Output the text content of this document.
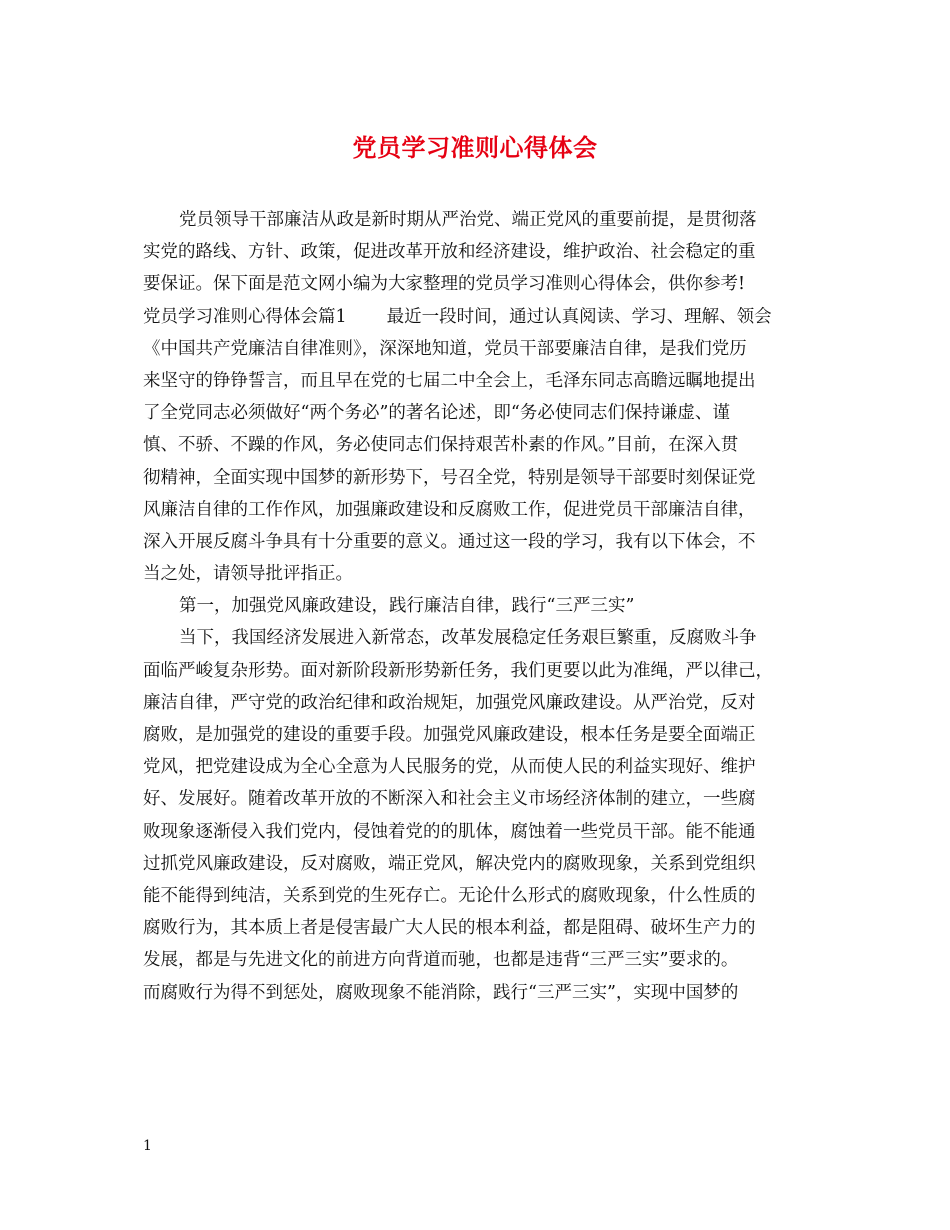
党员学习准则心得体会
党员领导干部廉洁从政是新时期从严治党、端正党风的重要前提，是贯彻落
实党的路线、方针、政策，促进改革开放和经济建设，维护政治、社会稳定的重
要保证。保下面是范文网小编为大家整理的党员学习准则心得体会，供你参考!
党员学习准则心得体会篇1 最近一段时间，通过认真阅读、学习、理解、领会
《中国共产党廉洁自律准则》，深深地知道，党员干部要廉洁自律，是我们党历
来坚守的铮铮誓言，而且早在党的七届二中全会上，毛泽东同志高瞻远瞩地提出
了全党同志必须做好“两个务必”的著名论述，即“务必使同志们保持谦虚、谨
慎、不骄、不躁的作风，务必使同志们保持艰苦朴素的作风。”目前，在深入贯
彻精神，全面实现中国梦的新形势下，号召全党，特别是领导干部要时刻保证党
风廉洁自律的工作作风，加强廉政建设和反腐败工作，促进党员干部廉洁自律，
深入开展反腐斗争具有十分重要的意义。通过这一段的学习，我有以下体会，不
当之处，请领导批评指正。
第一，加强党风廉政建设，践行廉洁自律，践行“三严三实”
当下，我国经济发展进入新常态，改革发展稳定任务艰巨繁重，反腐败斗争
面临严峻复杂形势。面对新阶段新形势新任务，我们更要以此为准绳，严以律己，
廉洁自律，严守党的政治纪律和政治规矩，加强党风廉政建设。从严治党，反对
腐败，是加强党的建设的重要手段。加强党风廉政建设，根本任务是要全面端正
党风，把党建设成为全心全意为人民服务的党，从而使人民的利益实现好、维护
好、发展好。随着改革开放的不断深入和社会主义市场经济体制的建立，一些腐
败现象逐渐侵入我们党内，侵蚀着党的的肌体，腐蚀着一些党员干部。能不能通
过抓党风廉政建设，反对腐败，端正党风，解决党内的腐败现象，关系到党组织
能不能得到纯洁，关系到党的生死存亡。无论什么形式的腐败现象，什么性质的
腐败行为，其本质上者是侵害最广大人民的根本利益，都是阻碍、破坏生产力的
发展，都是与先进文化的前进方向背道而驰，也都是违背“三严三实”要求的。
而腐败行为得不到惩处，腐败现象不能消除，践行“三严三实”，实现中国梦的
1
